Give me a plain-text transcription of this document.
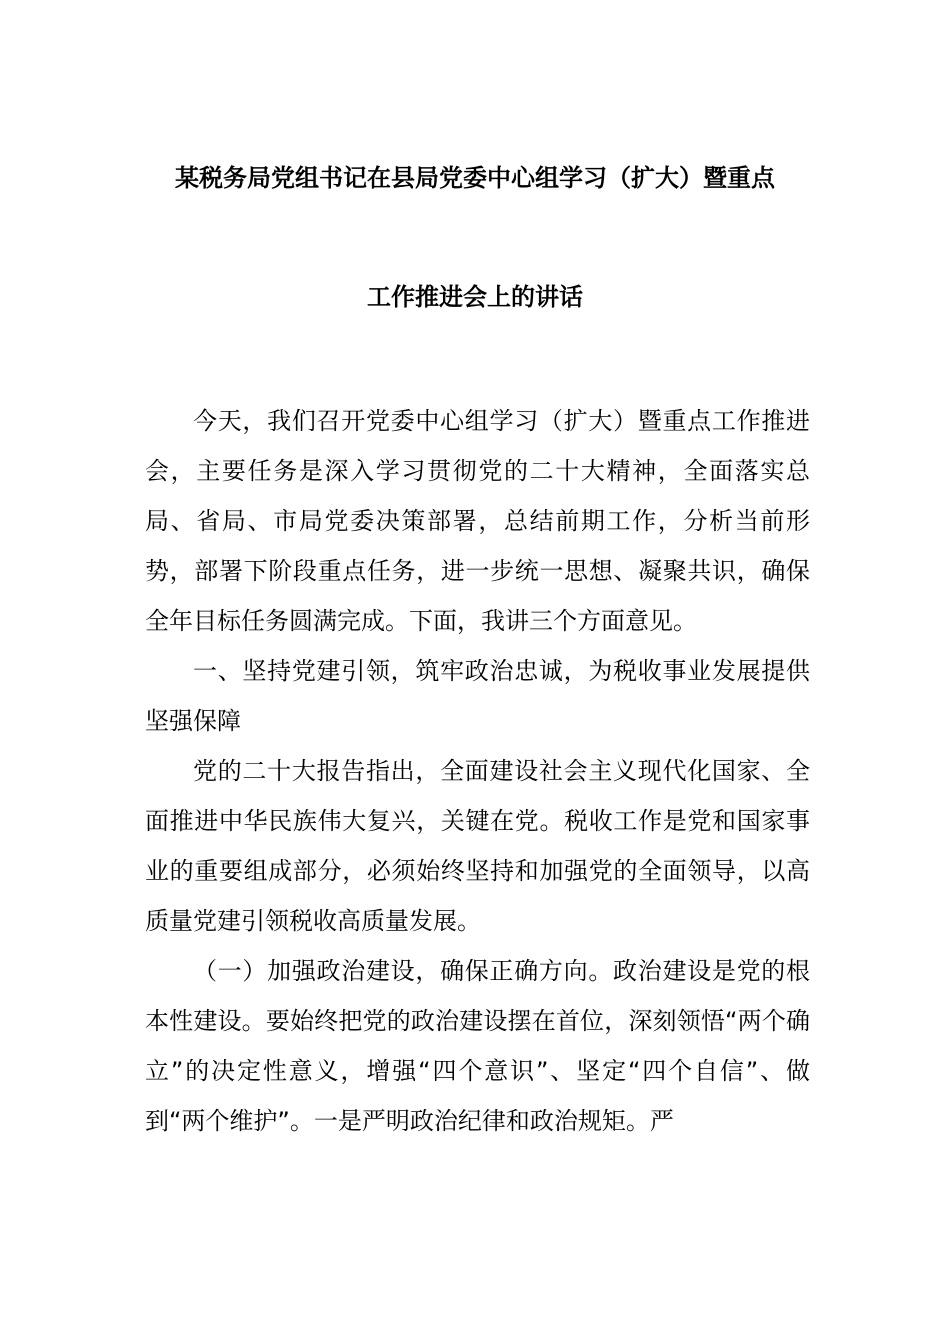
某税务局党组书记在县局党委中心组学习（扩大）暨重点
工作推进会上的讲话

今天，我们召开党委中心组学习（扩大）暨重点工作推进会，主要任务是深入学习贯彻党的二十大精神，全面落实总局、省局、市局党委决策部署，总结前期工作，分析当前形势，部署下阶段重点任务，进一步统一思想、凝聚共识，确保全年目标任务圆满完成。下面，我讲三个方面意见。

一、坚持党建引领，筑牢政治忠诚，为税收事业发展提供坚强保障

党的二十大报告指出，全面建设社会主义现代化国家、全面推进中华民族伟大复兴，关键在党。税收工作是党和国家事业的重要组成部分，必须始终坚持和加强党的全面领导，以高质量党建引领税收高质量发展。

（一）加强政治建设，确保正确方向。政治建设是党的根本性建设。要始终把党的政治建设摆在首位，深刻领悟“两个确立”的决定性意义，增强“四个意识”、坚定“四个自信”、做到“两个维护”。一是严明政治纪律和政治规矩。严
